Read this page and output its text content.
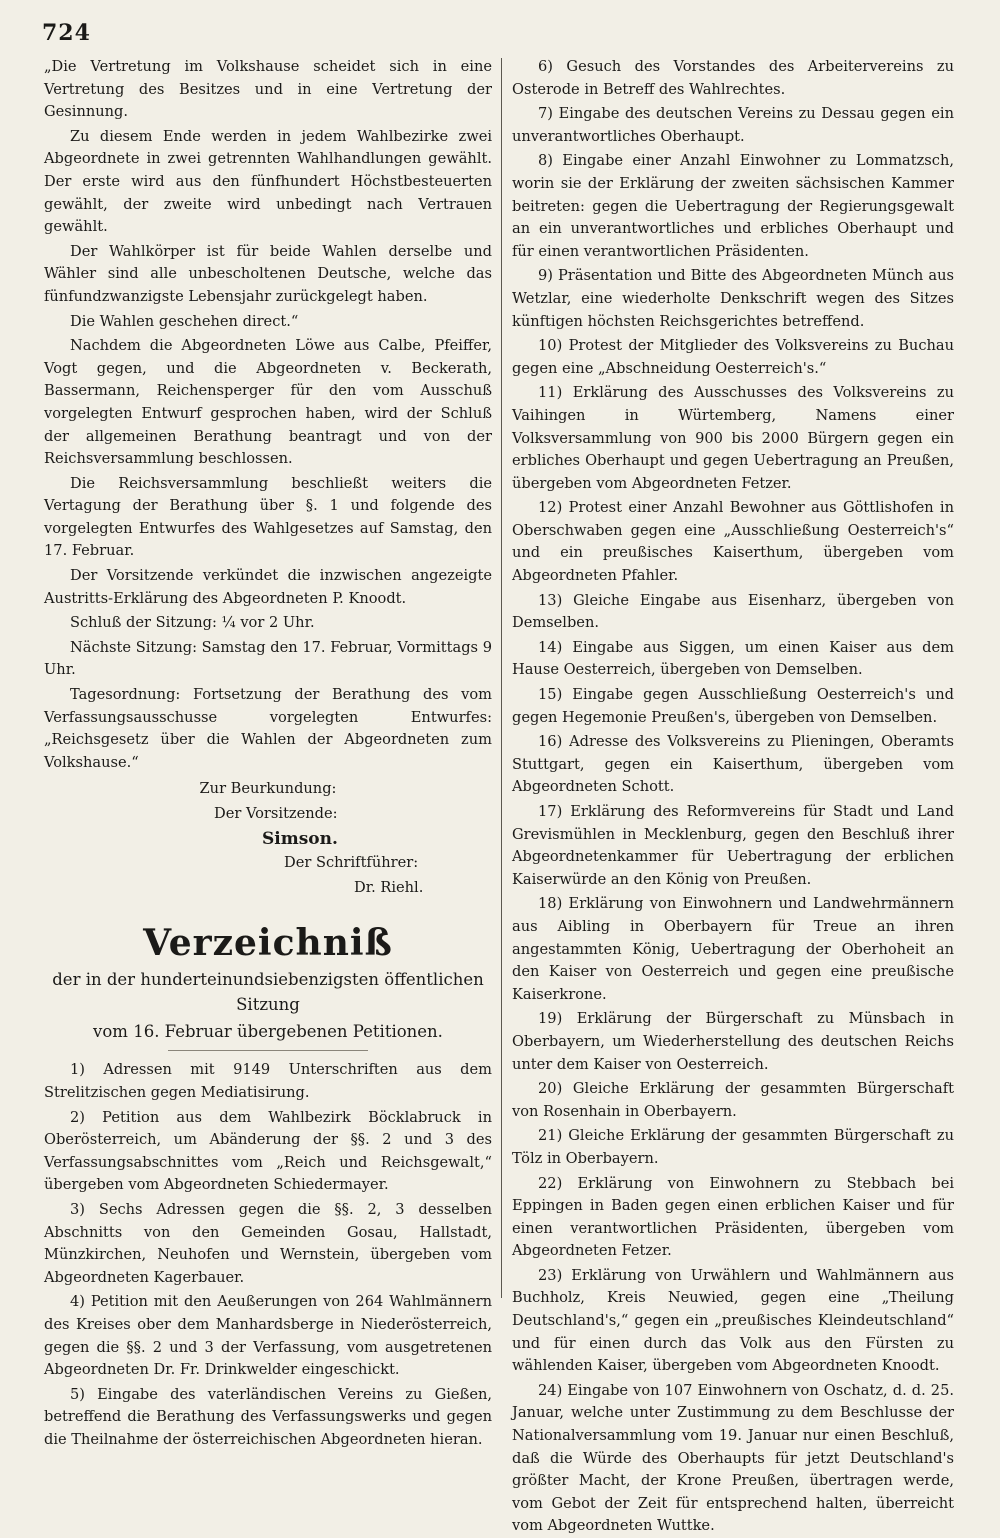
724

„Die Vertretung im Volkshause scheidet sich in eine Vertretung des Besitzes und in eine Vertretung der Gesinnung.

Zu diesem Ende werden in jedem Wahlbezirke zwei Abgeordnete in zwei getrennten Wahlhandlungen gewählt. Der erste wird aus den fünfhundert Höchstbesteuerten gewählt, der zweite wird unbedingt nach Vertrauen gewählt.

Der Wahlkörper ist für beide Wahlen derselbe und Wähler sind alle unbescholtenen Deutsche, welche das fünfundzwanzigste Lebensjahr zurückgelegt haben.

Die Wahlen geschehen direct.“

Nachdem die Abgeordneten Löwe aus Calbe, Pfeiffer, Vogt gegen, und die Abgeordneten v. Beckerath, Bassermann, Reichensperger für den vom Ausschuß vorgelegten Entwurf gesprochen haben, wird der Schluß der allgemeinen Berathung beantragt und von der Reichsversammlung beschlossen.

Die Reichsversammlung beschließt weiters die Vertagung der Berathung über §. 1 und folgende des vorgelegten Entwurfes des Wahlgesetzes auf Samstag, den 17. Februar.

Der Vorsitzende verkündet die inzwischen angezeigte Austritts-Erklärung des Abgeordneten P. Knoodt.

Schluß der Sitzung: ¼ vor 2 Uhr.

Nächste Sitzung: Samstag den 17. Februar, Vormittags 9 Uhr.

Tagesordnung: Fortsetzung der Berathung des vom Verfassungsausschusse vorgelegten Entwurfes: „Reichsgesetz über die Wahlen der Abgeordneten zum Volkshause.“

Zur Beurkundung:

Der Vorsitzende:

Simson.

Der Schriftführer:

Dr. Riehl.

Verzeichniß

der in der hunderteinundsiebenzigsten öffentlichen Sitzung

vom 16. Februar übergebenen Petitionen.

1) Adressen mit 9149 Unterschriften aus dem Strelitzischen gegen Mediatisirung.

2) Petition aus dem Wahlbezirk Böcklabruck in Oberösterreich, um Abänderung der §§. 2 und 3 des Verfassungsabschnittes vom „Reich und Reichsgewalt,“ übergeben vom Abgeordneten Schiedermayer.

3) Sechs Adressen gegen die §§. 2, 3 desselben Abschnitts von den Gemeinden Gosau, Hallstadt, Münzkirchen, Neuhofen und Wernstein, übergeben vom Abgeordneten Kagerbauer.

4) Petition mit den Aeußerungen von 264 Wahlmännern des Kreises ober dem Manhardsberge in Niederösterreich, gegen die §§. 2 und 3 der Verfassung, vom ausgetretenen Abgeordneten Dr. Fr. Drinkwelder eingeschickt.

5) Eingabe des vaterländischen Vereins zu Gießen, betreffend die Berathung des Verfassungswerks und gegen die Theilnahme der österreichischen Abgeordneten hieran.

6) Gesuch des Vorstandes des Arbeitervereins zu Osterode in Betreff des Wahlrechtes.

7) Eingabe des deutschen Vereins zu Dessau gegen ein unverantwortliches Oberhaupt.

8) Eingabe einer Anzahl Einwohner zu Lommatzsch, worin sie der Erklärung der zweiten sächsischen Kammer beitreten: gegen die Uebertragung der Regierungsgewalt an ein unverantwortliches und erbliches Oberhaupt und für einen verantwortlichen Präsidenten.

9) Präsentation und Bitte des Abgeordneten Münch aus Wetzlar, eine wiederholte Denkschrift wegen des Sitzes künftigen höchsten Reichsgerichtes betreffend.

10) Protest der Mitglieder des Volksvereins zu Buchau gegen eine „Abschneidung Oesterreich's.“

11) Erklärung des Ausschusses des Volksvereins zu Vaihingen in Würtemberg, Namens einer Volksversammlung von 900 bis 2000 Bürgern gegen ein erbliches Oberhaupt und gegen Uebertragung an Preußen, übergeben vom Abgeordneten Fetzer.

12) Protest einer Anzahl Bewohner aus Göttlishofen in Oberschwaben gegen eine „Ausschließung Oesterreich's“ und ein preußisches Kaiserthum, übergeben vom Abgeordneten Pfahler.

13) Gleiche Eingabe aus Eisenharz, übergeben von Demselben.

14) Eingabe aus Siggen, um einen Kaiser aus dem Hause Oesterreich, übergeben von Demselben.

15) Eingabe gegen Ausschließung Oesterreich's und gegen Hegemonie Preußen's, übergeben von Demselben.

16) Adresse des Volksvereins zu Plieningen, Oberamts Stuttgart, gegen ein Kaiserthum, übergeben vom Abgeordneten Schott.

17) Erklärung des Reformvereins für Stadt und Land Grevismühlen in Mecklenburg, gegen den Beschluß ihrer Abgeordnetenkammer für Uebertragung der erblichen Kaiserwürde an den König von Preußen.

18) Erklärung von Einwohnern und Landwehrmännern aus Aibling in Oberbayern für Treue an ihren angestammten König, Uebertragung der Oberhoheit an den Kaiser von Oesterreich und gegen eine preußische Kaiserkrone.

19) Erklärung der Bürgerschaft zu Münsbach in Oberbayern, um Wiederherstellung des deutschen Reichs unter dem Kaiser von Oesterreich.

20) Gleiche Erklärung der gesammten Bürgerschaft von Rosenhain in Oberbayern.

21) Gleiche Erklärung der gesammten Bürgerschaft zu Tölz in Oberbayern.

22) Erklärung von Einwohnern zu Stebbach bei Eppingen in Baden gegen einen erblichen Kaiser und für einen verantwortlichen Präsidenten, übergeben vom Abgeordneten Fetzer.

23) Erklärung von Urwählern und Wahlmännern aus Buchholz, Kreis Neuwied, gegen eine „Theilung Deutschland's,“ gegen ein „preußisches Kleindeutschland“ und für einen durch das Volk aus den Fürsten zu wählenden Kaiser, übergeben vom Abgeordneten Knoodt.

24) Eingabe von 107 Einwohnern von Oschatz, d. d. 25. Januar, welche unter Zustimmung zu dem Beschlusse der Nationalversammlung vom 19. Januar nur einen Beschluß, daß die Würde des Oberhaupts für jetzt Deutschland's größter Macht, der Krone Preußen, übertragen werde, vom Gebot der Zeit für entsprechend halten, überreicht vom Abgeordneten Wuttke.
